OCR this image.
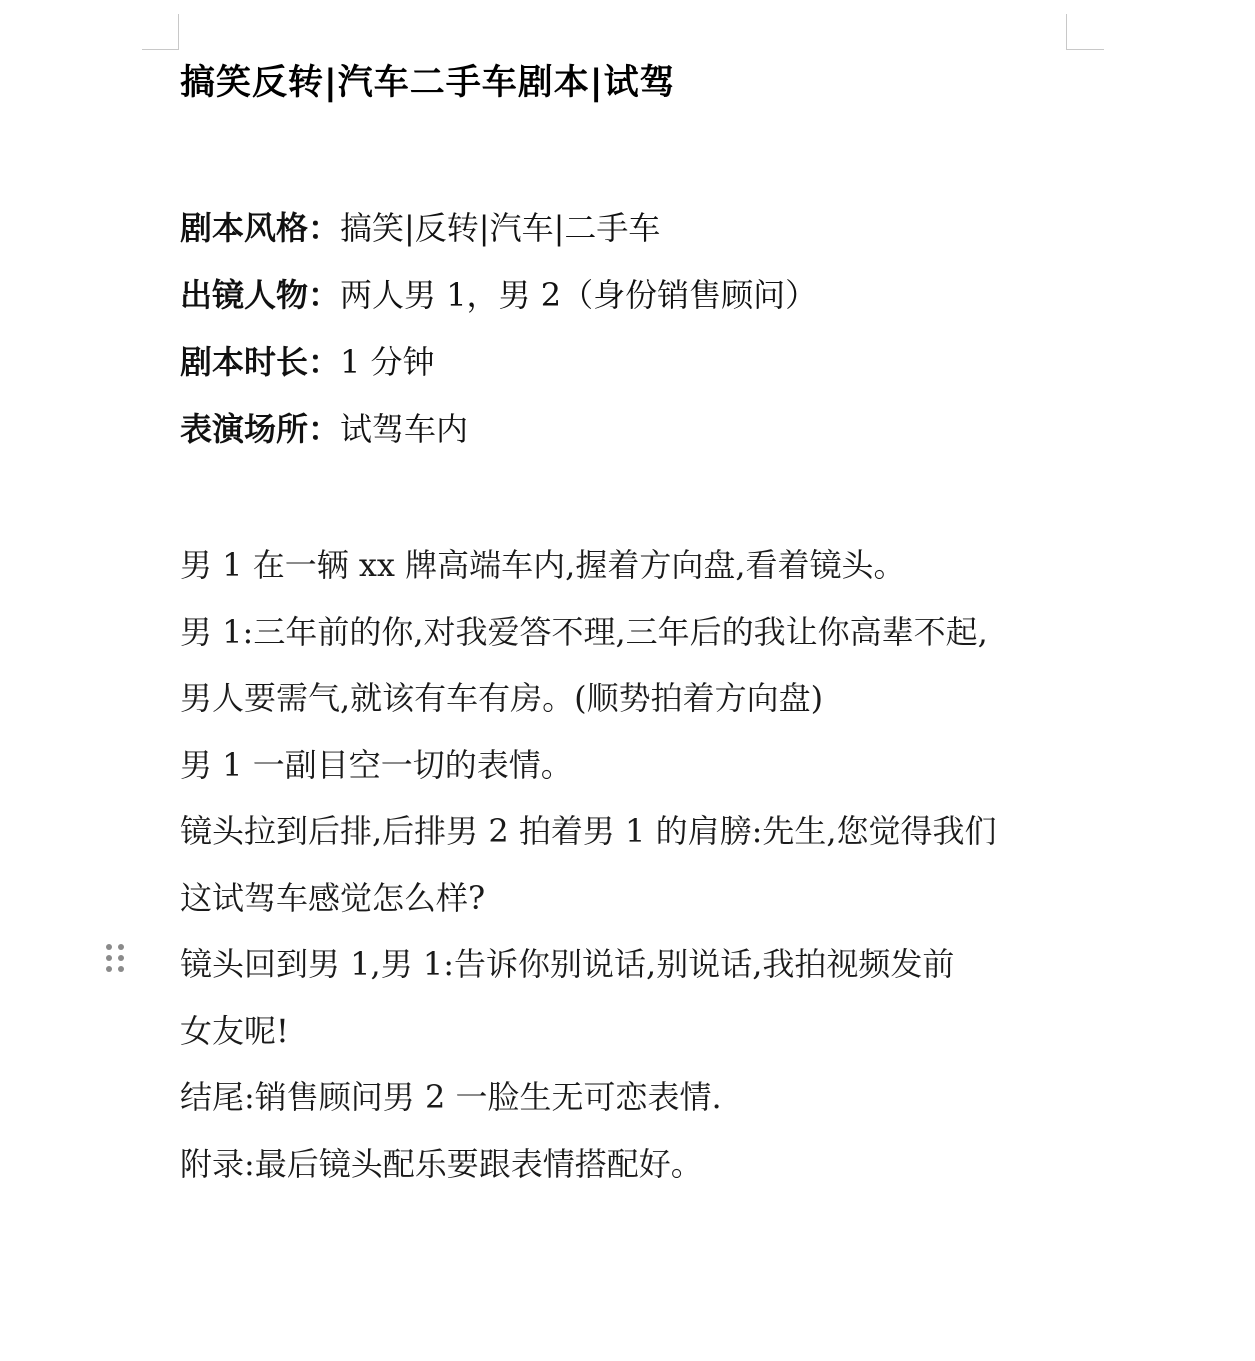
搞笑反转|汽车二手车剧本|试驾
剧本风格：搞笑|反转|汽车|二手车
出镜人物：两人男 1，男 2（身份销售顾问）
剧本时长：1 分钟
表演场所：试驾车内

男 1 在一辆 xx 牌高端车内,握着方向盘,看着镜头。

男 1:三年前的你,对我爱答不理,三年后的我让你高辈不起,

男人要需气,就该有车有房。(顺势拍着方向盘)

男 1 一副目空一切的表情。

镜头拉到后排,后排男 2 拍着男 1 的肩膀:先生,您觉得我们

这试驾车感觉怎么样?

镜头回到男 1,男 1:告诉你别说话,别说话,我拍视频发前

女友呢!

结尾:销售顾问男 2 一脸生无可恋表情.

附录:最后镜头配乐要跟表情搭配好。
